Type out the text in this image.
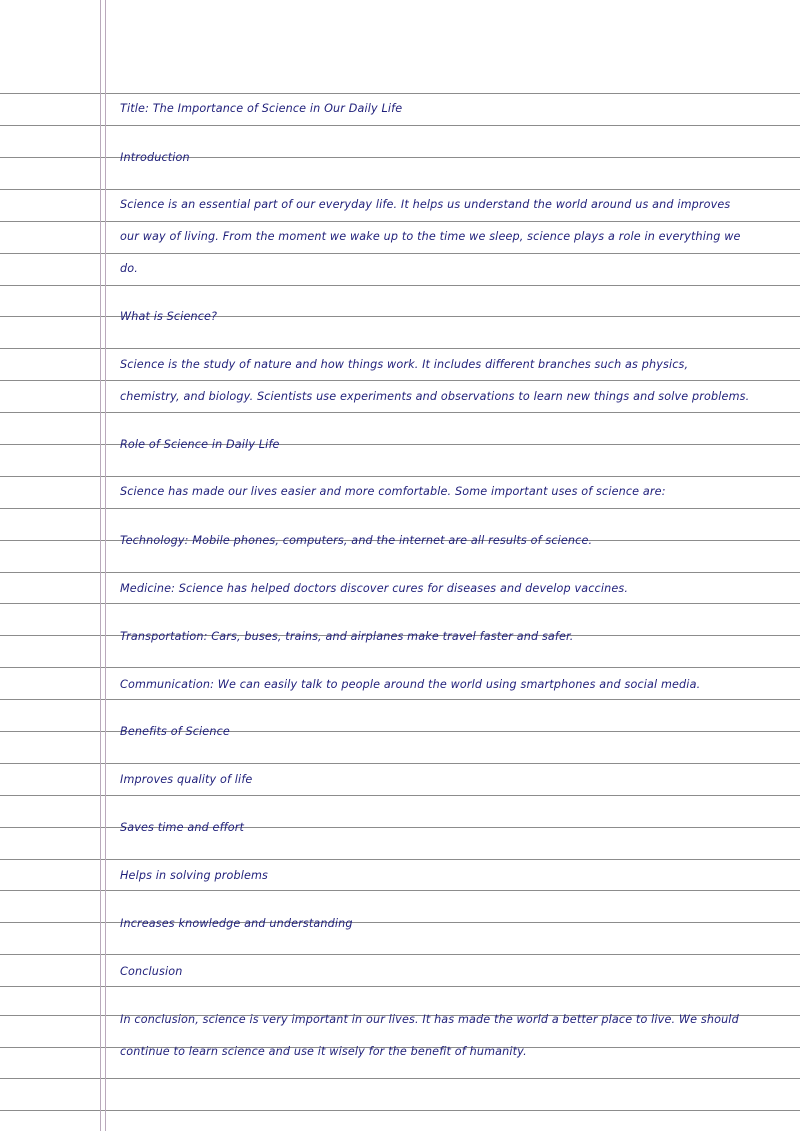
Title: The Importance of Science in Our Daily Life
Introduction
Science is an essential part of our everyday life. It helps us understand the world around us and improves
our way of living. From the moment we wake up to the time we sleep, science plays a role in everything we
do.
What is Science?
Science is the study of nature and how things work. It includes different branches such as physics,
chemistry, and biology. Scientists use experiments and observations to learn new things and solve problems.
Role of Science in Daily Life
Science has made our lives easier and more comfortable. Some important uses of science are:
Technology: Mobile phones, computers, and the internet are all results of science.
Medicine: Science has helped doctors discover cures for diseases and develop vaccines.
Transportation: Cars, buses, trains, and airplanes make travel faster and safer.
Communication: We can easily talk to people around the world using smartphones and social media.
Benefits of Science
Improves quality of life
Saves time and effort
Helps in solving problems
Increases knowledge and understanding
Conclusion
In conclusion, science is very important in our lives. It has made the world a better place to live. We should
continue to learn science and use it wisely for the benefit of humanity.
